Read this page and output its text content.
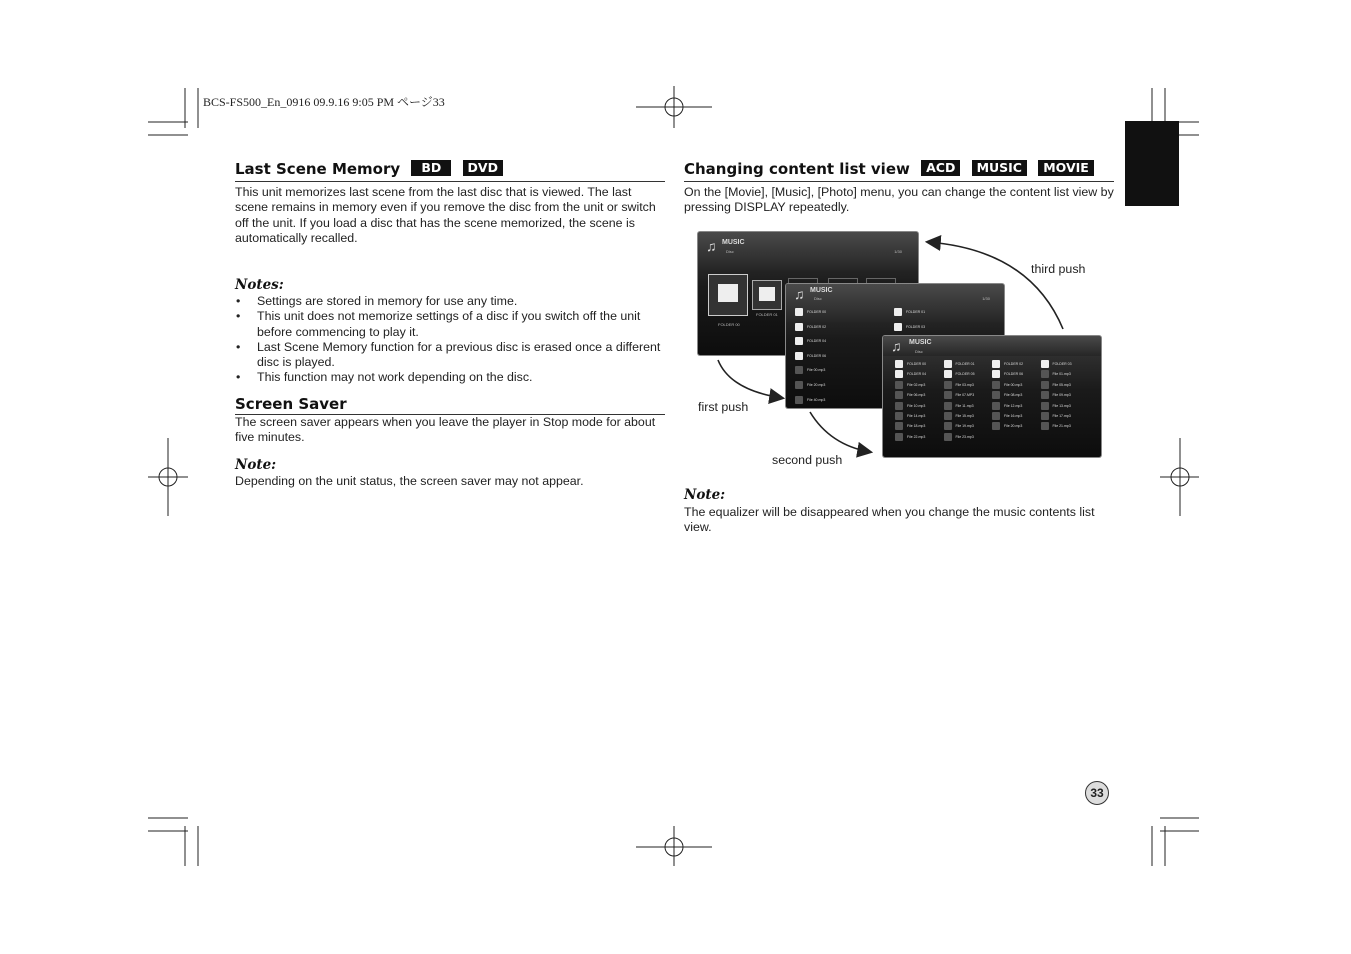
BCS-FS500_En_0916 09.9.16 9:05 PM ページ33
Last Scene Memory BD DVD
This unit memorizes last scene from the last disc that is viewed. The last scene remains in memory even if you remove the disc from the unit or switch off the unit. If you load a disc that has the scene memorized, the scene is automatically recalled.
Notes:
• Settings are stored in memory for use any time.
• This unit does not memorize settings of a disc if you switch off the unit before commencing to play it.
• Last Scene Memory function for a previous disc is erased once a different disc is played.
• This function may not work depending on the disc.
Screen Saver
The screen saver appears when you leave the player in Stop mode for about five minutes.
Note:
Depending on the unit status, the screen saver may not appear.
Changing content list view ACD MUSIC MOVIE
On the [Movie], [Music], [Photo] menu, you can change the content list view by pressing DISPLAY repeatedly.
♫ MUSIC
Disc	1/30
FOLDER 00
FOLDER 01
♫ MUSIC
Disc	1/30
FOLDER 00
FOLDER 02
FOLDER 04
FOLDER 06
File 00.mp3
File 20.mp3
File 40.mp3
FOLDER 01
FOLDER 03
♫ MUSIC
Disc
FOLDER 00
FOLDER 04
File 02.mp3
File 06.mp3
File 10.mp3
File 14.mp3
File 18.mp3
File 22.mp3
FOLDER 01
FOLDER 05
File 03.mp3
File 07.MP3
File 11.mp3
File 15.mp3
File 19.mp3
File 23.mp3
FOLDER 02
FOLDER 06
File 00.mp3
File 08.mp3
File 12.mp3
File 16.mp3
File 20.mp3
FOLDER 03
File 01.mp3
File 05.mp3
File 09.mp3
File 13.mp3
File 17.mp3
File 21.mp3
first push
second push
third push
Note:
The equalizer will be disappeared when you change the music contents list view.
33
